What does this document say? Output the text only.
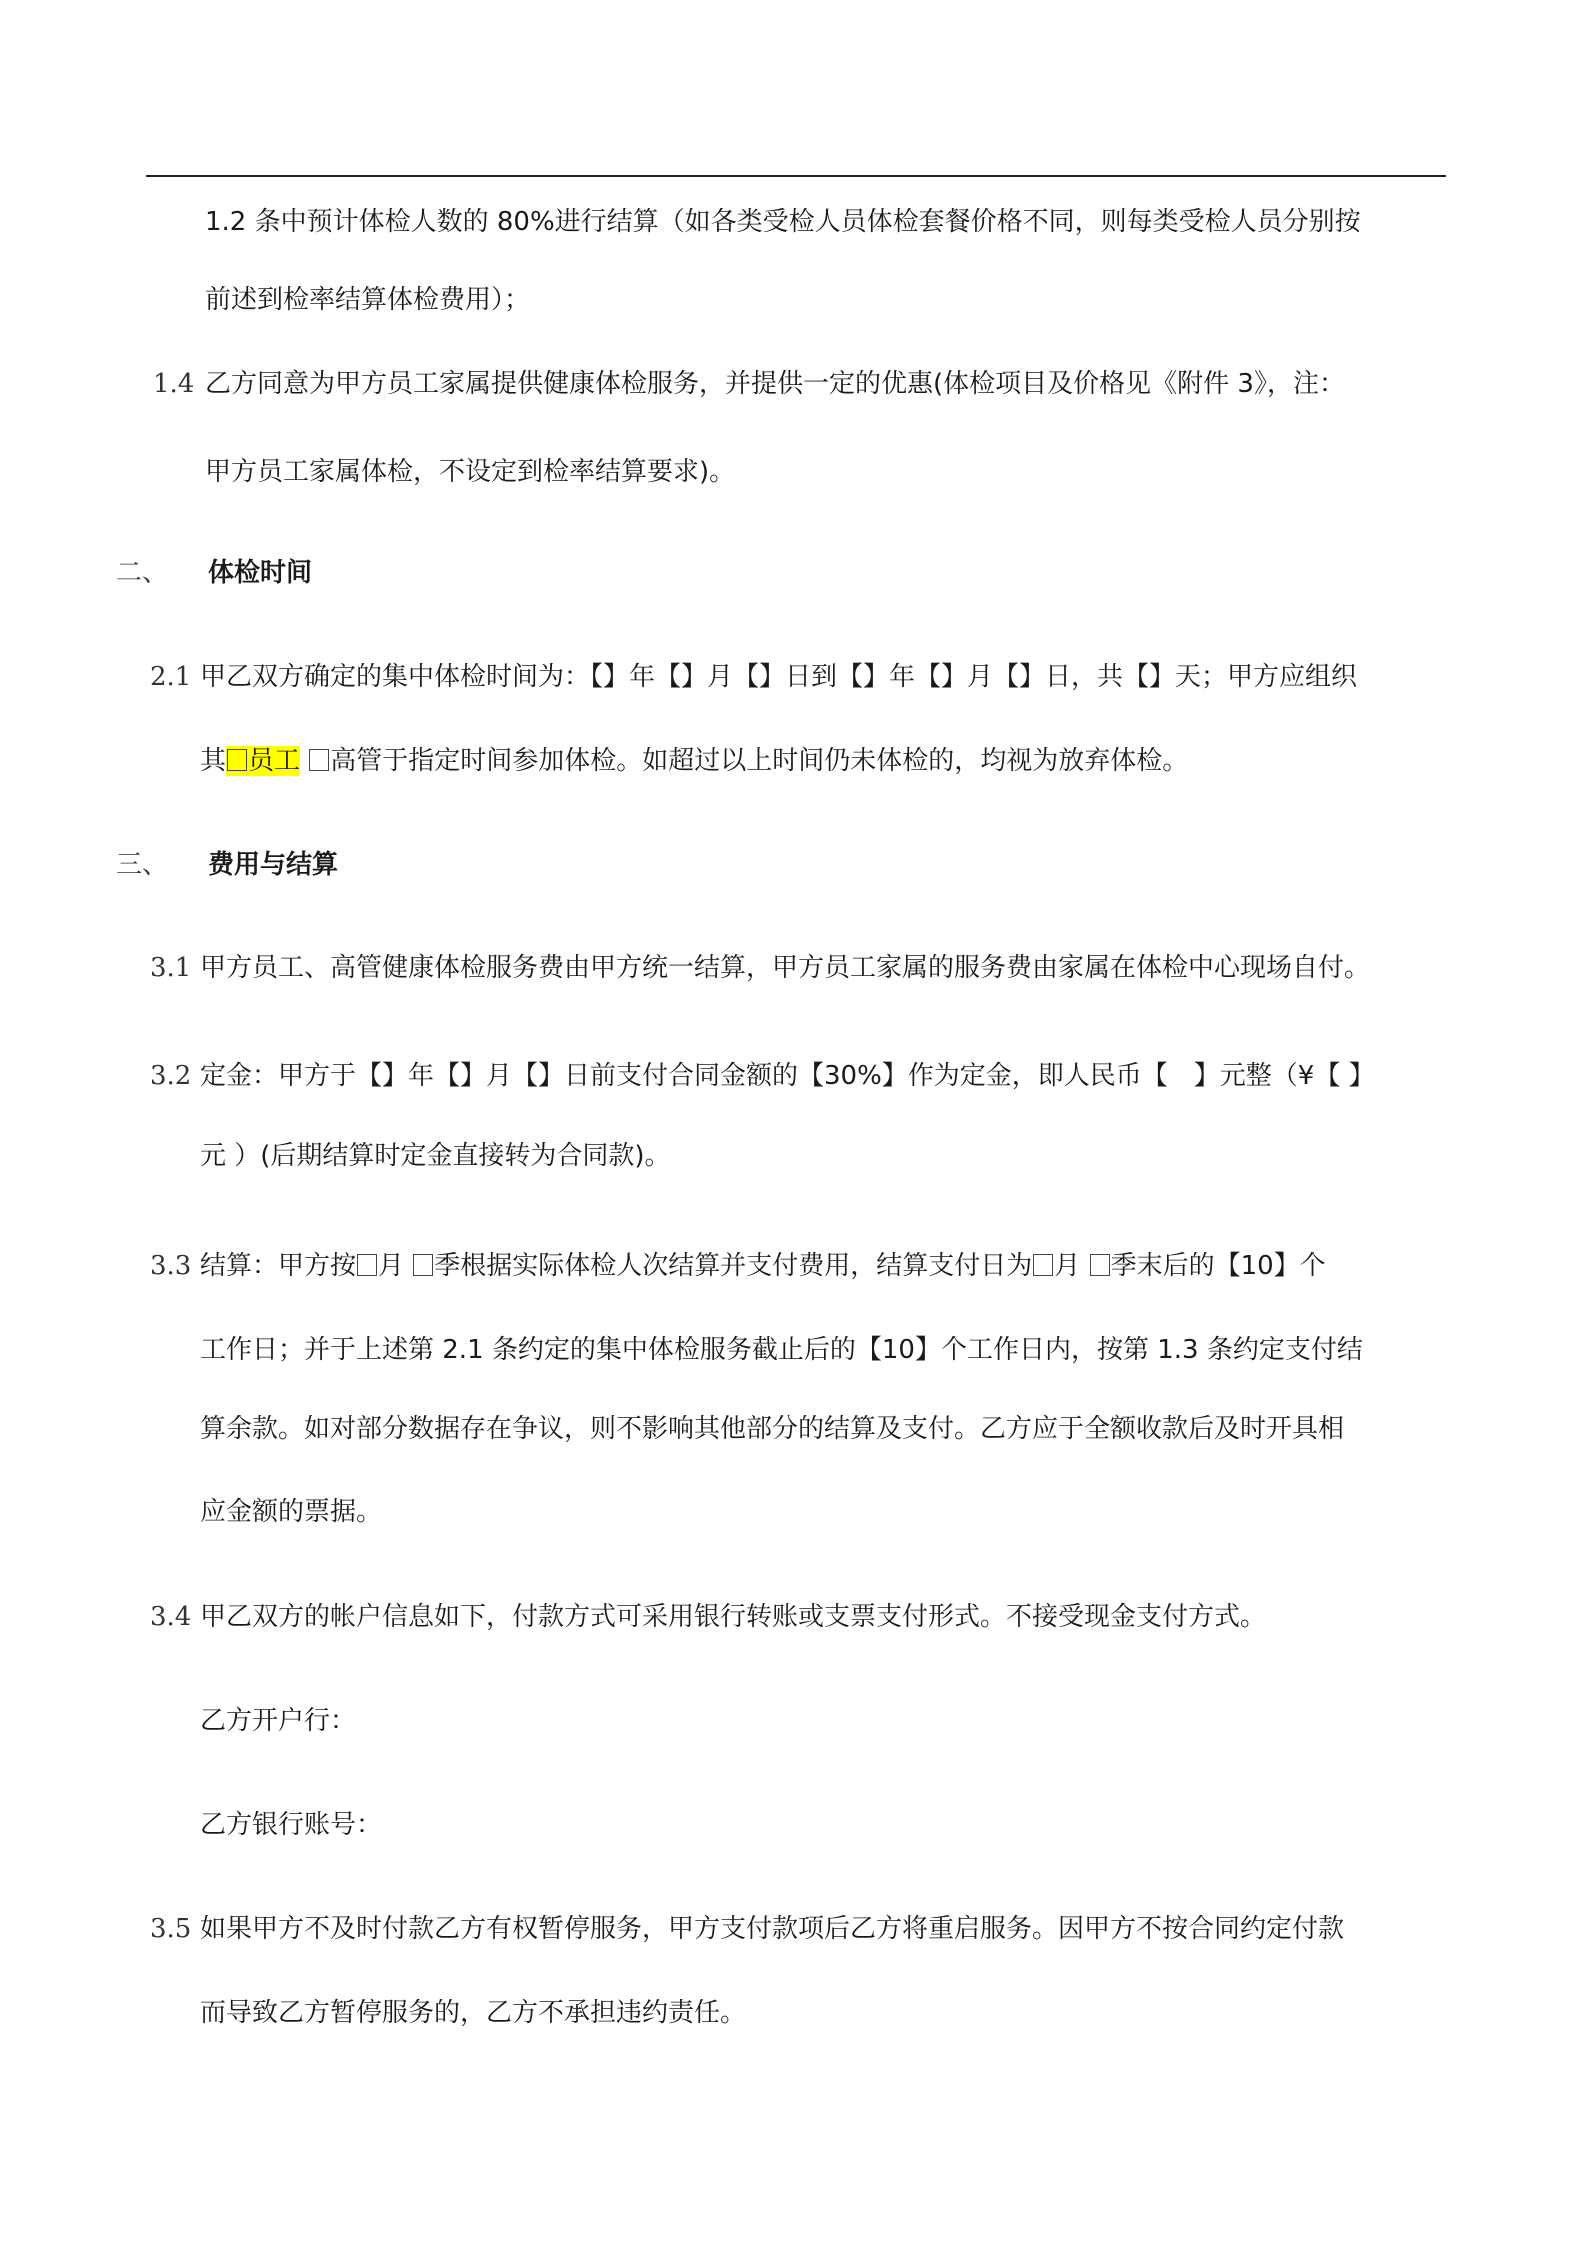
1.2 条中预计体检人数的 80%进行结算（如各类受检人员体检套餐价格不同，则每类受检人员分别按
前述到检率结算体检费用）；
1.4 乙方同意为甲方员工家属提供健康体检服务，并提供一定的优惠(体检项目及价格见《附件 3》，注：
甲方员工家属体检，不设定到检率结算要求)。
二、 体检时间
2.1 甲乙双方确定的集中体检时间为：【】年【】月【】日到【】年【】月【】日，共【】天；甲方应组织
其 员工 高管于指定时间参加体检。如超过以上时间仍未体检的，均视为放弃体检。
三、 费用与结算
3.1 甲方员工、高管健康体检服务费由甲方统一结算，甲方员工家属的服务费由家属在体检中心现场自付。
3.2 定金：甲方于【】年【】月【】日前支付合同金额的【30%】作为定金，即人民币【　】元整（¥【 】
元 ）(后期结算时定金直接转为合同款)。
3.3 结算：甲方按 月 季根据实际体检人次结算并支付费用，结算支付日为 月 季末后的【10】个
工作日；并于上述第 2.1 条约定的集中体检服务截止后的【10】个工作日内，按第 1.3 条约定支付结
算余款。如对部分数据存在争议，则不影响其他部分的结算及支付。乙方应于全额收款后及时开具相
应金额的票据。
3.4 甲乙双方的帐户信息如下，付款方式可采用银行转账或支票支付形式。不接受现金支付方式。
乙方开户行：
乙方银行账号：
3.5 如果甲方不及时付款乙方有权暂停服务，甲方支付款项后乙方将重启服务。因甲方不按合同约定付款
而导致乙方暂停服务的，乙方不承担违约责任。
